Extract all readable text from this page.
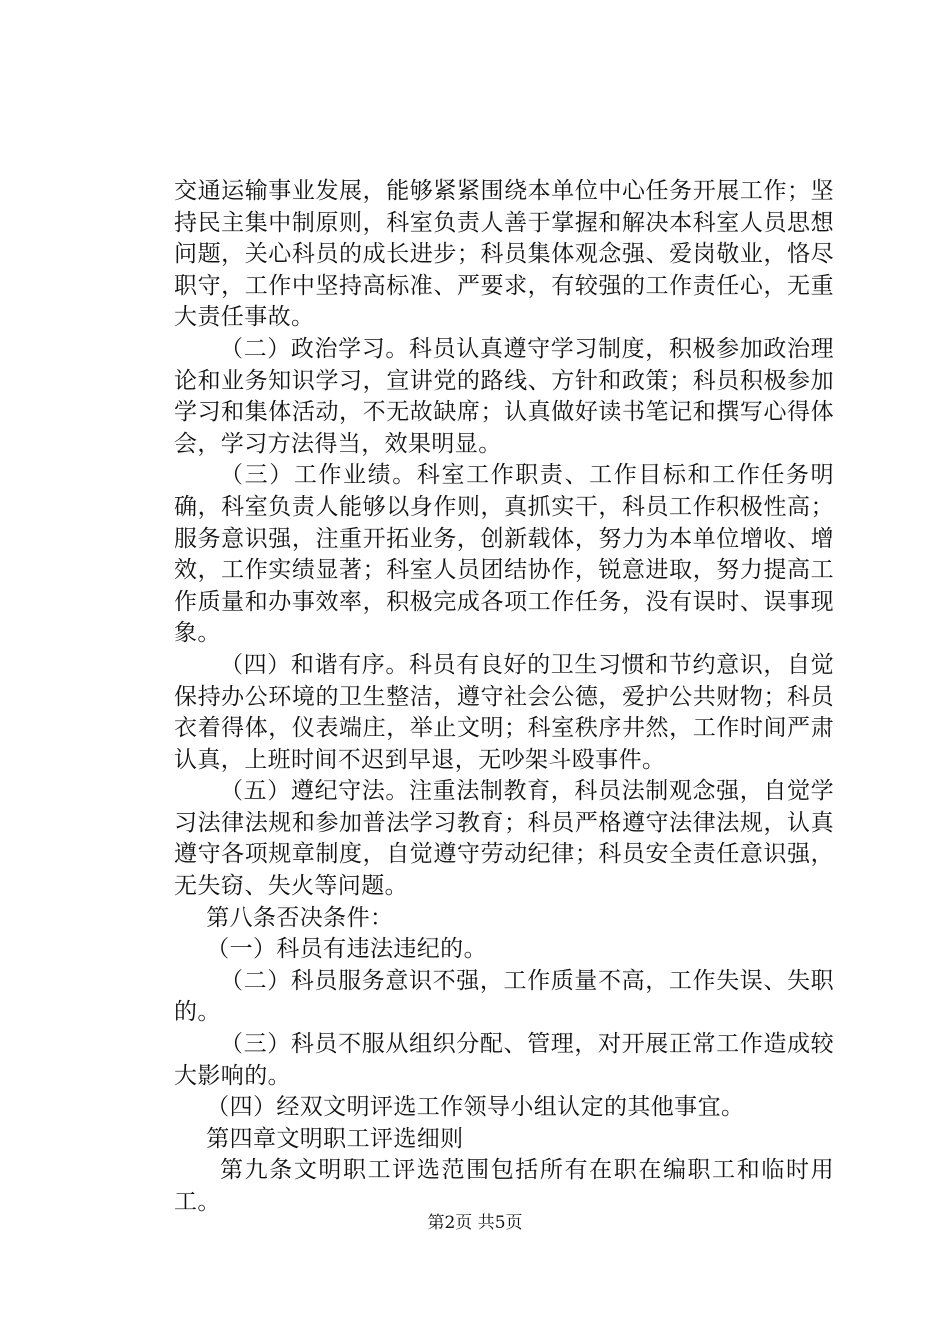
交通运输事业发展，能够紧紧围绕本单位中心任务开展工作；坚持民主集中制原则，科室负责人善于掌握和解决本科室人员思想问题，关心科员的成长进步；科员集体观念强、爱岗敬业，恪尽职守，工作中坚持高标准、严要求，有较强的工作责任心，无重大责任事故。

（二）政治学习。科员认真遵守学习制度，积极参加政治理论和业务知识学习，宣讲党的路线、方针和政策；科员积极参加学习和集体活动，不无故缺席；认真做好读书笔记和撰写心得体会，学习方法得当，效果明显。

（三）工作业绩。科室工作职责、工作目标和工作任务明确，科室负责人能够以身作则，真抓实干，科员工作积极性高；服务意识强，注重开拓业务，创新载体，努力为本单位增收、增效，工作实绩显著；科室人员团结协作，锐意进取，努力提高工作质量和办事效率，积极完成各项工作任务，没有误时、误事现象。

（四）和谐有序。科员有良好的卫生习惯和节约意识，自觉保持办公环境的卫生整洁，遵守社会公德，爱护公共财物；科员衣着得体，仪表端庄，举止文明；科室秩序井然，工作时间严肃认真，上班时间不迟到早退，无吵架斗殴事件。

（五）遵纪守法。注重法制教育，科员法制观念强，自觉学习法律法规和参加普法学习教育；科员严格遵守法律法规，认真遵守各项规章制度，自觉遵守劳动纪律；科员安全责任意识强，无失窃、失火等问题。

第八条否决条件：

（一）科员有违法违纪的。

（二）科员服务意识不强，工作质量不高，工作失误、失职的。

（三）科员不服从组织分配、管理，对开展正常工作造成较大影响的。

（四）经双文明评选工作领导小组认定的其他事宜。

第四章文明职工评选细则

第九条文明职工评选范围包括所有在职在编职工和临时用工。

第2页 共5页
